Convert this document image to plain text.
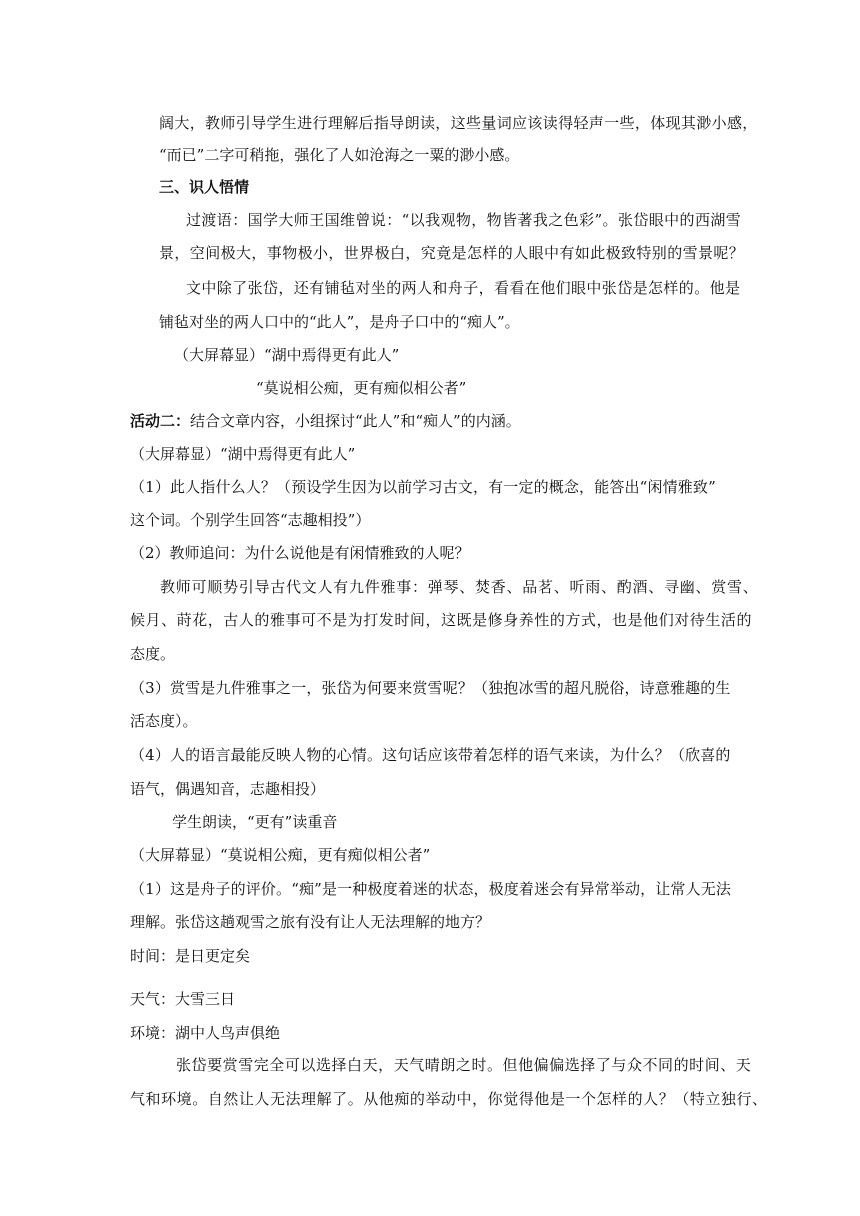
阔大，教师引导学生进行理解后指导朗读，这些量词应该读得轻声一些，体现其渺小感，
“而已”二字可稍拖，强化了人如沧海之一粟的渺小感。
三、识人悟情
过渡语：国学大师王国维曾说：“以我观物，物皆著我之色彩”。张岱眼中的西湖雪
景，空间极大，事物极小，世界极白，究竟是怎样的人眼中有如此极致特别的雪景呢？
文中除了张岱，还有铺毡对坐的两人和舟子，看看在他们眼中张岱是怎样的。他是
铺毡对坐的两人口中的“此人”，是舟子口中的“痴人”。
（大屏幕显）“湖中焉得更有此人”
“莫说相公痴，更有痴似相公者”
活动二：结合文章内容，小组探讨“此人”和“痴人”的内涵。
（大屏幕显）“湖中焉得更有此人”
（1）此人指什么人？（预设学生因为以前学习古文，有一定的概念，能答出“闲情雅致”
这个词。个别学生回答“志趣相投”）
（2）教师追问：为什么说他是有闲情雅致的人呢？
教师可顺势引导古代文人有九件雅事：弹琴、焚香、品茗、听雨、酌酒、寻幽、赏雪、
候月、莳花，古人的雅事可不是为打发时间，这既是修身养性的方式，也是他们对待生活的
态度。
（3）赏雪是九件雅事之一，张岱为何要来赏雪呢？（独抱冰雪的超凡脱俗，诗意雅趣的生
活态度）。
（4）人的语言最能反映人物的心情。这句话应该带着怎样的语气来读，为什么？（欣喜的
语气，偶遇知音，志趣相投）
学生朗读，“更有”读重音
（大屏幕显）“莫说相公痴，更有痴似相公者”
（1）这是舟子的评价。“痴”是一种极度着迷的状态，极度着迷会有异常举动，让常人无法
理解。张岱这趟观雪之旅有没有让人无法理解的地方？
时间：是日更定矣
天气：大雪三日
环境：湖中人鸟声俱绝
张岱要赏雪完全可以选择白天，天气晴朗之时。但他偏偏选择了与众不同的时间、天
气和环境。自然让人无法理解了。从他痴的举动中，你觉得他是一个怎样的人？（特立独行、
